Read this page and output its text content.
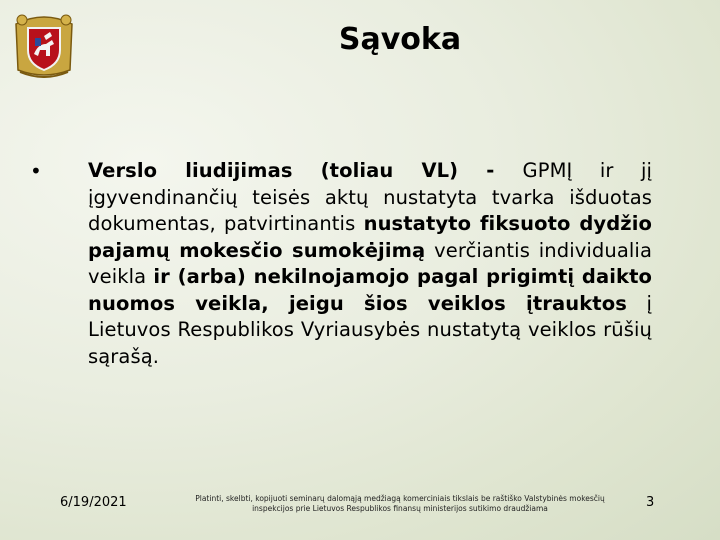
Sąvoka
• Verslo liudijimas (toliau VL) - GPMĮ ir jį įgyvendinančių teisės aktų nustatyta tvarka išduotas dokumentas, patvirtinantis nustatyto fiksuoto dydžio pajamų mokesčio sumokėjimą verčiantis individualia veikla ir (arba) nekilnojamojo pagal prigimtį daikto nuomos veikla, jeigu šios veiklos įtrauktos į Lietuvos Respublikos Vyriausybės nustatytą veiklos rūšių sąrašą.
6/19/2021	Platinti, skelbti, kopijuoti seminarų dalomąją medžiagą komerciniais tikslais be raštiško Valstybinės mokesčių inspekcijos prie Lietuvos Respublikos finansų ministerijos sutikimo draudžiama	3
